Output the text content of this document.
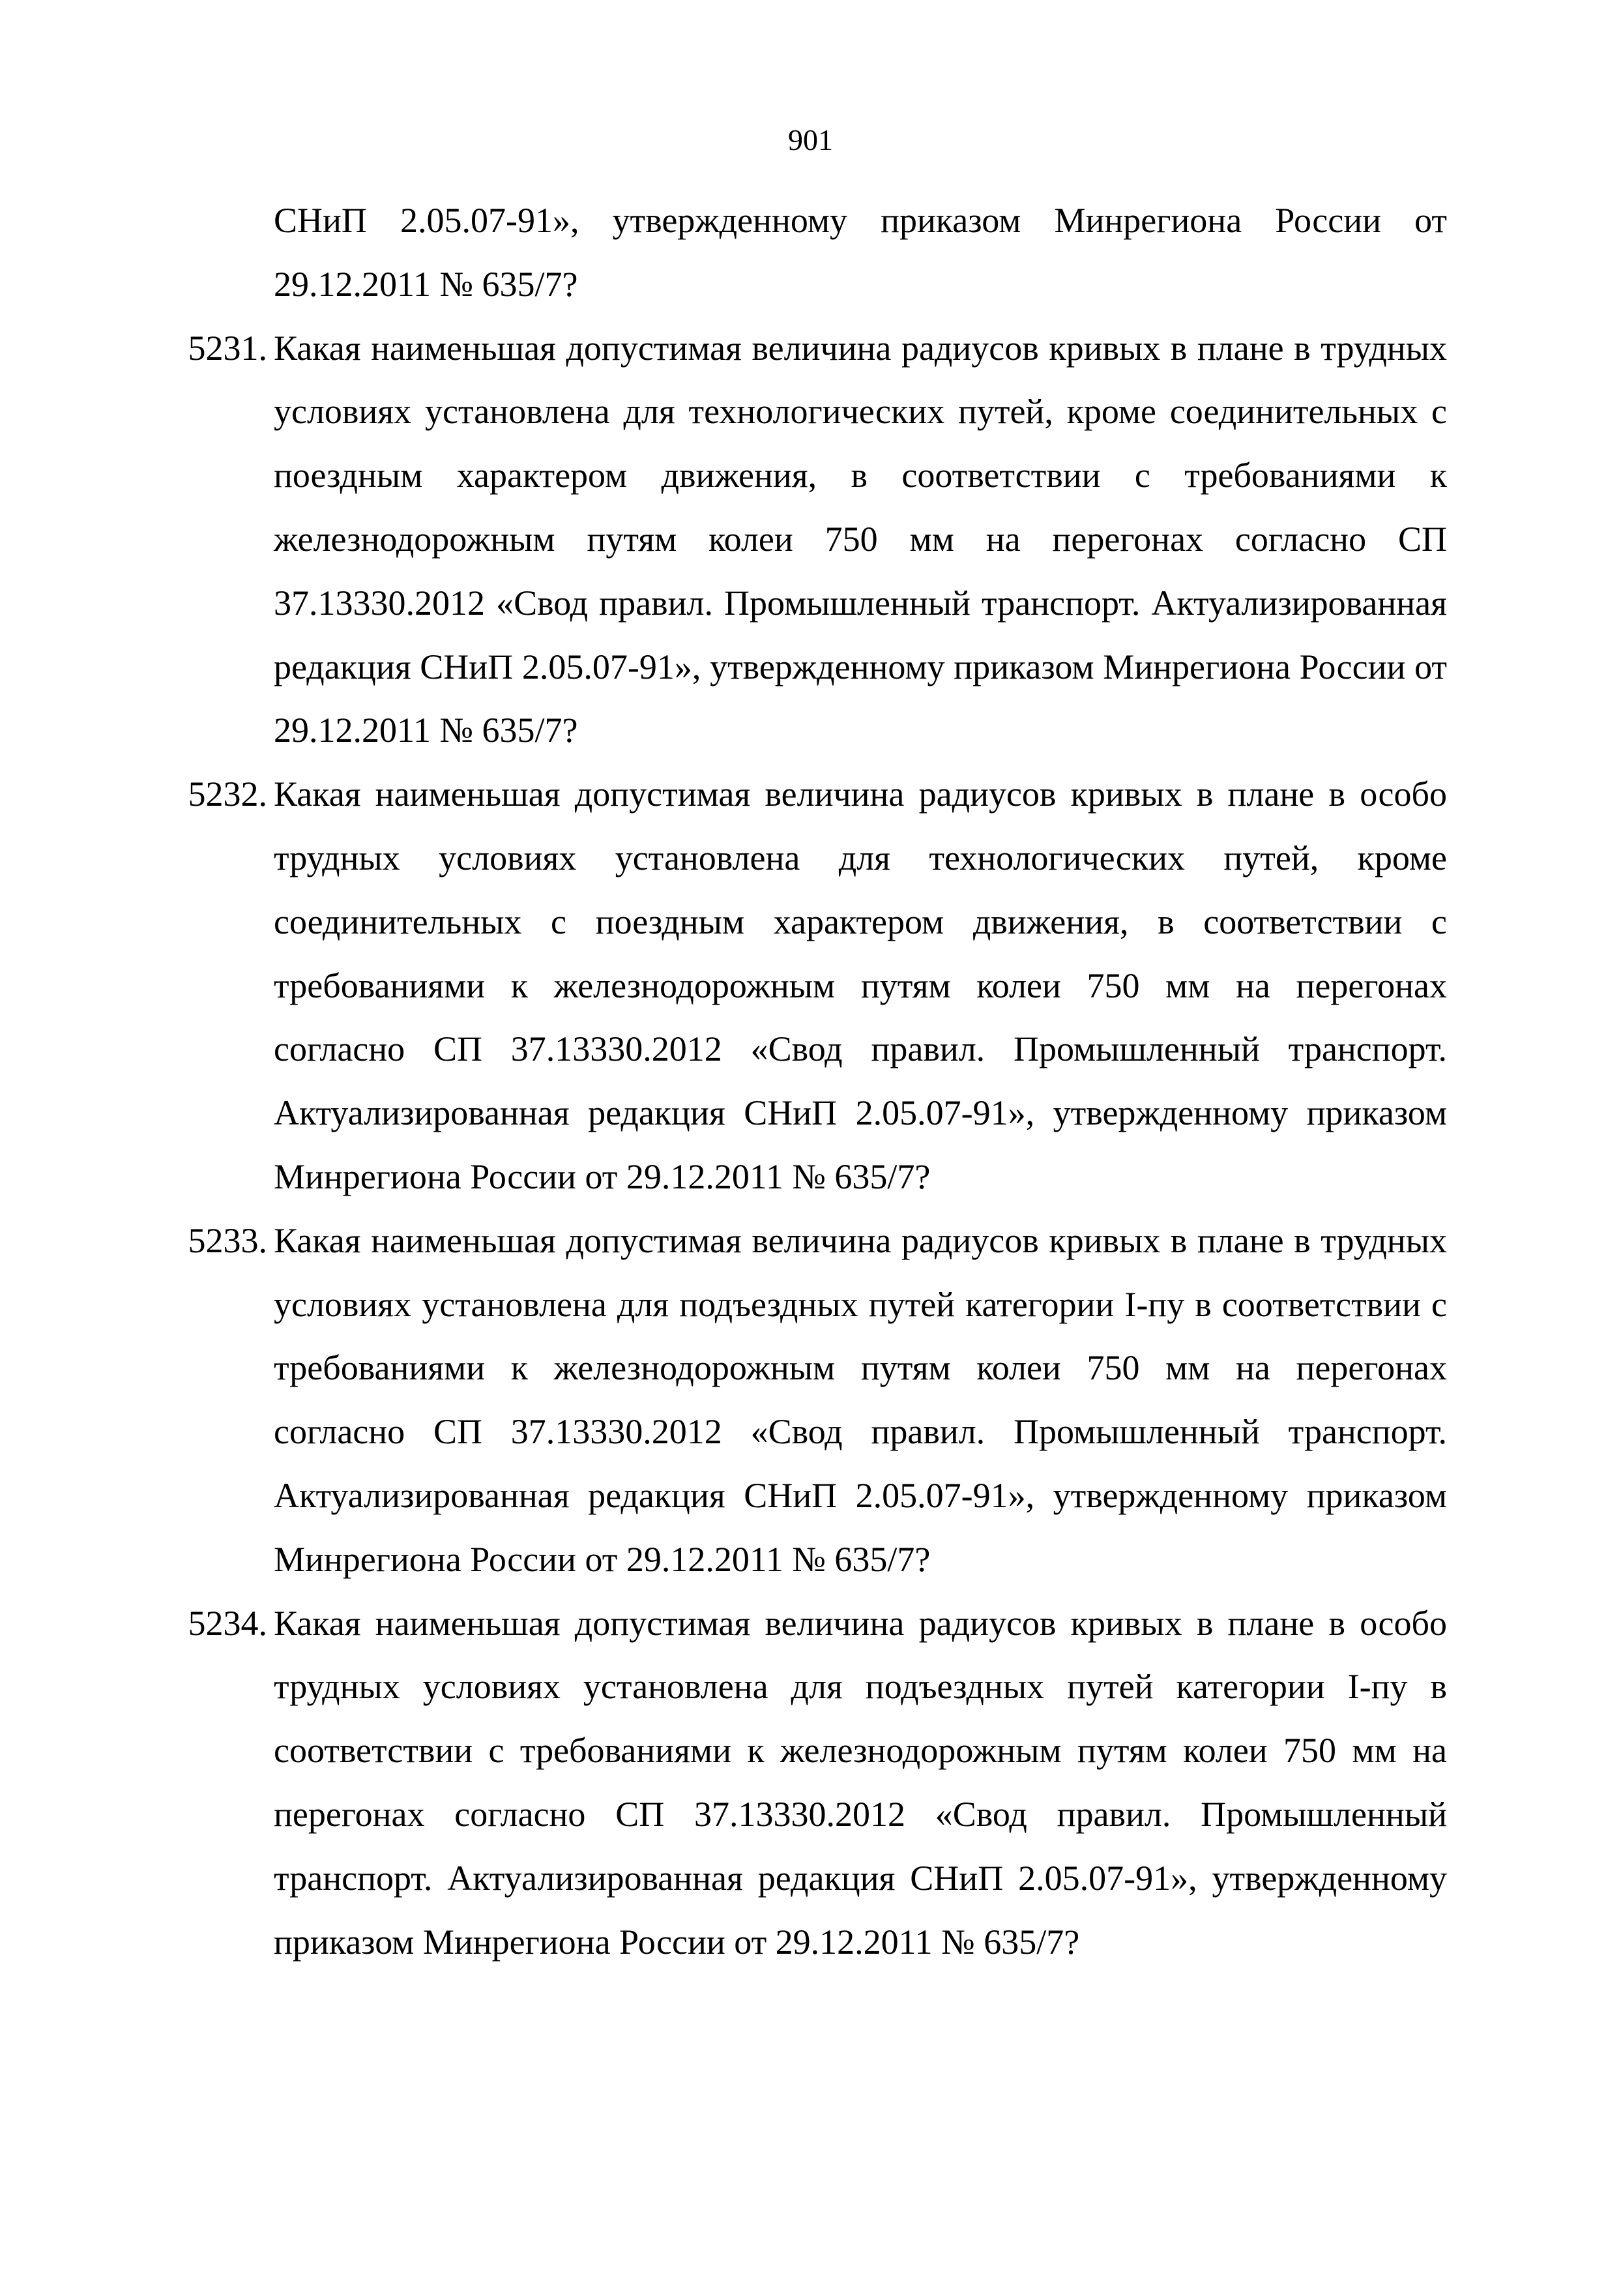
901

СНиП 2.05.07-91», утвержденному приказом Минрегиона России от 29.12.2011 № 635/7?

5231. Какая наименьшая допустимая величина радиусов кривых в плане в трудных условиях установлена для технологических путей, кроме соединительных с поездным характером движения, в соответствии с требованиями к железнодорожным путям колеи 750 мм на перегонах согласно СП 37.13330.2012 «Свод правил. Промышленный транспорт. Актуализированная редакция СНиП 2.05.07-91», утвержденному приказом Минрегиона России от 29.12.2011 № 635/7?

5232. Какая наименьшая допустимая величина радиусов кривых в плане в особо трудных условиях установлена для технологических путей, кроме соединительных с поездным характером движения, в соответствии с требованиями к железнодорожным путям колеи 750 мм на перегонах согласно СП 37.13330.2012 «Свод правил. Промышленный транспорт. Актуализированная редакция СНиП 2.05.07-91», утвержденному приказом Минрегиона России от 29.12.2011 № 635/7?

5233. Какая наименьшая допустимая величина радиусов кривых в плане в трудных условиях установлена для подъездных путей категории I-пу в соответствии с требованиями к железнодорожным путям колеи 750 мм на перегонах согласно СП 37.13330.2012 «Свод правил. Промышленный транспорт. Актуализированная редакция СНиП 2.05.07-91», утвержденному приказом Минрегиона России от 29.12.2011 № 635/7?

5234. Какая наименьшая допустимая величина радиусов кривых в плане в особо трудных условиях установлена для подъездных путей категории I-пу в соответствии с требованиями к железнодорожным путям колеи 750 мм на перегонах согласно СП 37.13330.2012 «Свод правил. Промышленный транспорт. Актуализированная редакция СНиП 2.05.07-91», утвержденному приказом Минрегиона России от 29.12.2011 № 635/7?
